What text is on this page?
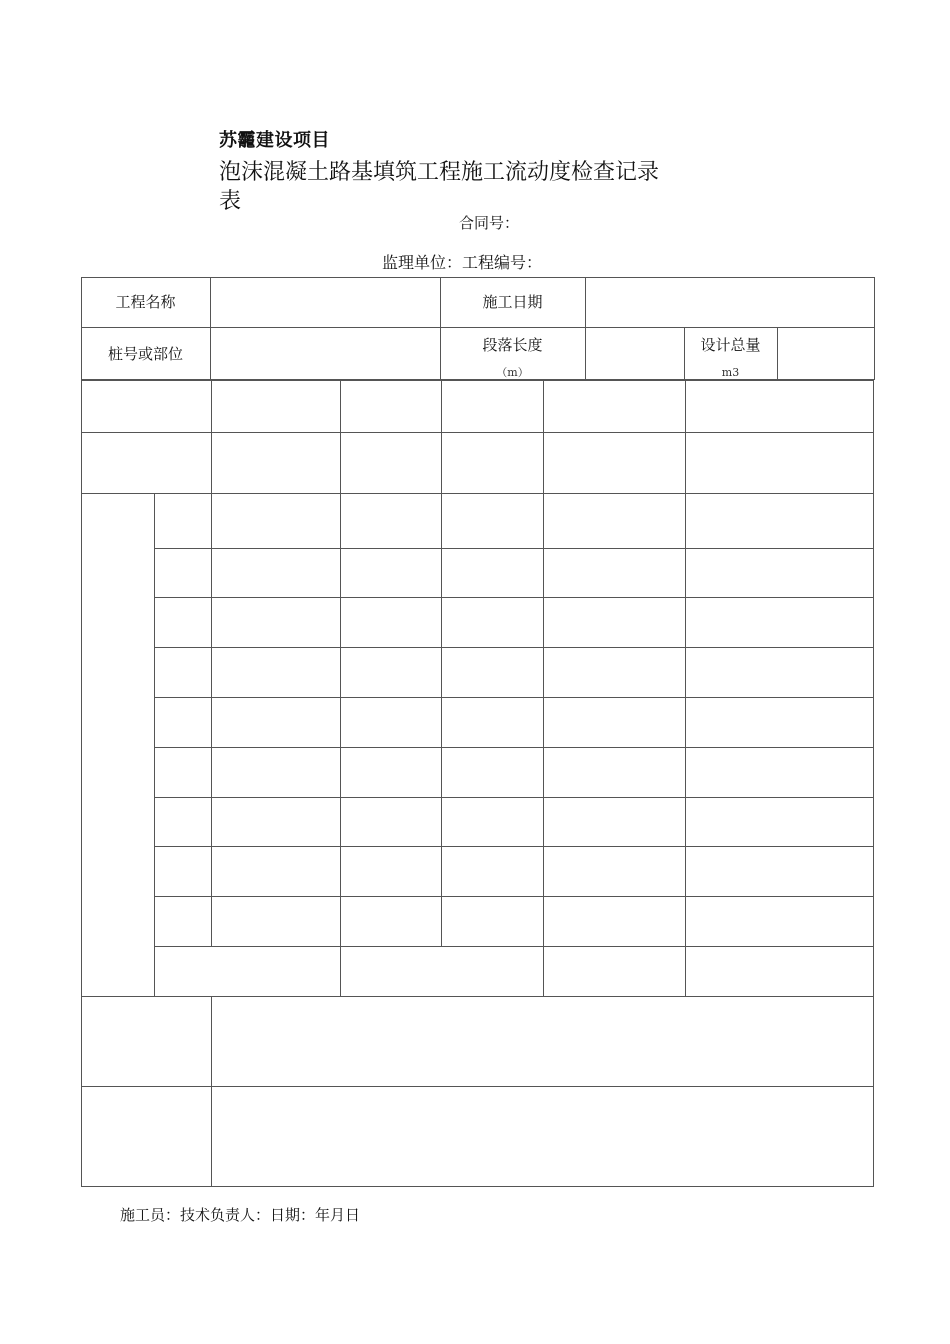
苏龗建设项目
泡沫混凝土路基填筑工程施工流动度检查记录
表
合同号：
监理单位：工程编号：
工程名称	施工日期
桩号或部位	段落长度
（m）
设计总量
m3
施工员：技术负责人：日期：年月日
